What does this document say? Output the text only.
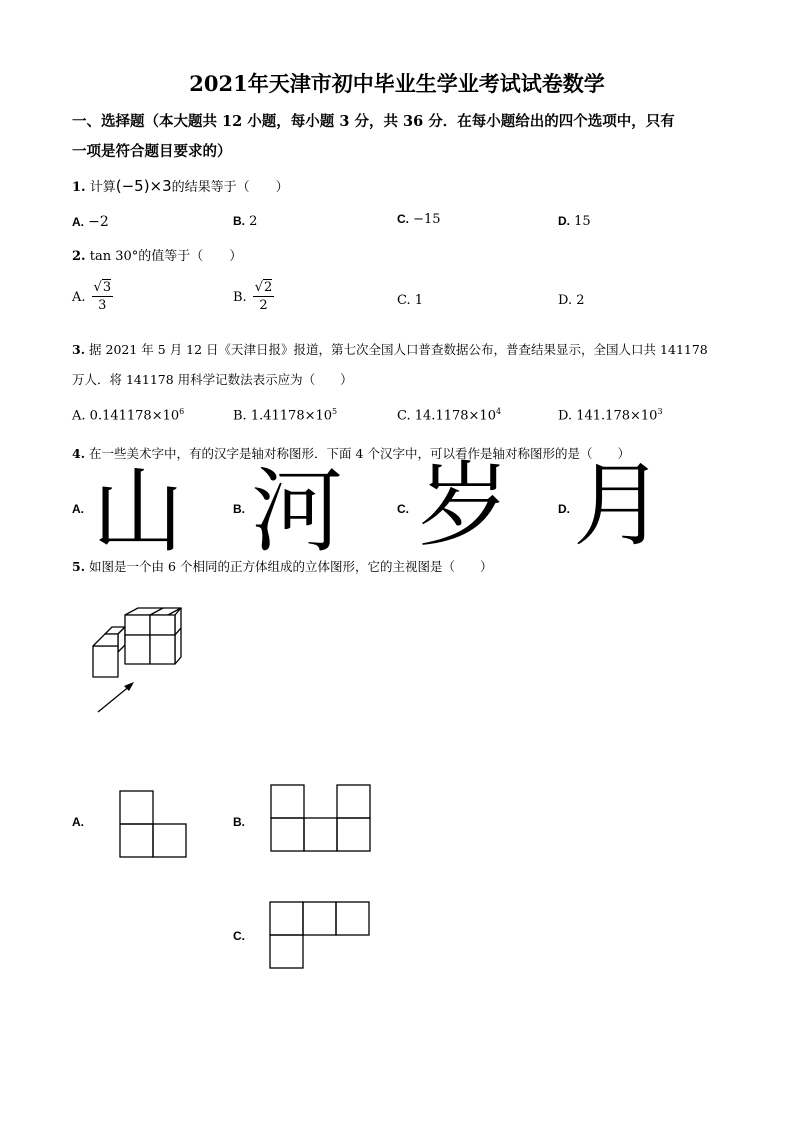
2021年天津市初中毕业生学业考试试卷数学
一、选择题（本大题共 12 小题，每小题 3 分，共 36 分．在每小题给出的四个选项中，只有
一项是符合题目要求的）
1. 计算(−5)×3的结果等于（　　）
A. −2	B. 2	C. −15	D. 15
2. tan 30°的值等于（　　）
A. $\frac{√3}{3}$	B. $\frac{√2}{2}$	C. 1	D. 2
3. 据 2021 年 5 月 12 日《天津日报》报道，第七次全国人口普查数据公布，普查结果显示，全国人口共 141178
万人．将 141178 用科学记数法表示应为（　　）
A. $0.141178\times 10^6$	B. $1.41178\times 10^5$	C. $14.1178\times 10^4$	D. $141.178\times 10^3$
4. 在一些美术字中，有的汉字是轴对称图形．下面 4 个汉字中，可以看作是轴对称图形的是（　　）
A. 山	B. 河	C. 岁	D. 月
5. 如图是一个由 6 个相同的正方体组成的立体图形，它的主视图是（　　）
A.	B.
C.
